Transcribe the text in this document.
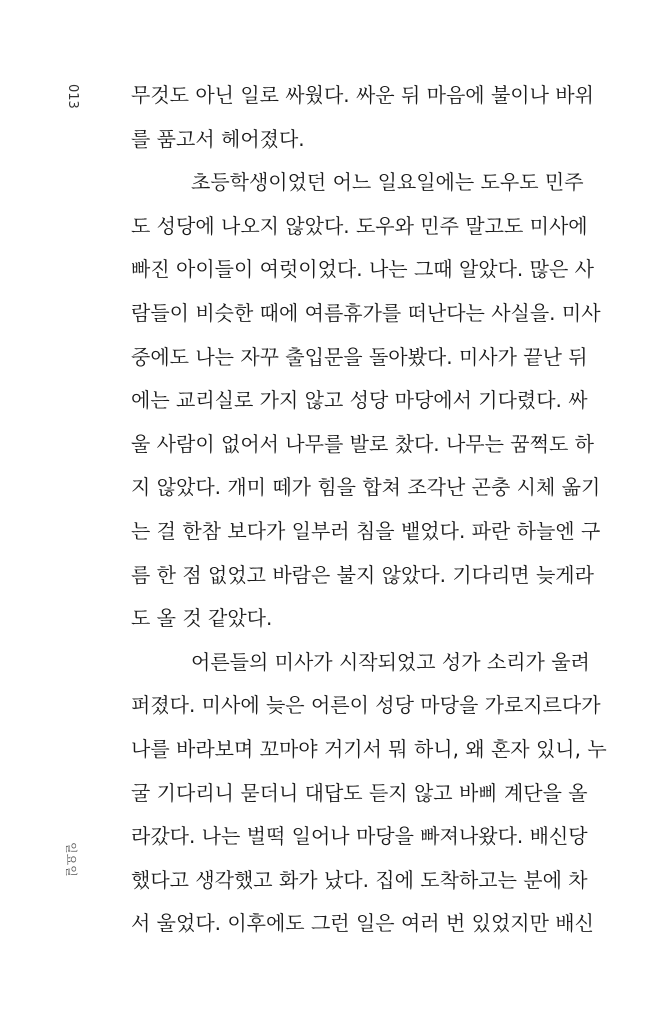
013
일요일
무것도 아닌 일로 싸웠다. 싸운 뒤 마음에 불이나 바위
를 품고서 헤어졌다.
초등학생이었던 어느 일요일에는 도우도 민주
도 성당에 나오지 않았다. 도우와 민주 말고도 미사에
빠진 아이들이 여럿이었다. 나는 그때 알았다. 많은 사
람들이 비슷한 때에 여름휴가를 떠난다는 사실을. 미사
중에도 나는 자꾸 출입문을 돌아봤다. 미사가 끝난 뒤
에는 교리실로 가지 않고 성당 마당에서 기다렸다. 싸
울 사람이 없어서 나무를 발로 찼다. 나무는 꿈쩍도 하
지 않았다. 개미 떼가 힘을 합쳐 조각난 곤충 시체 옮기
는 걸 한참 보다가 일부러 침을 뱉었다. 파란 하늘엔 구
름 한 점 없었고 바람은 불지 않았다. 기다리면 늦게라
도 올 것 같았다.
어른들의 미사가 시작되었고 성가 소리가 울려
퍼졌다. 미사에 늦은 어른이 성당 마당을 가로지르다가
나를 바라보며 꼬마야 거기서 뭐 하니, 왜 혼자 있니, 누
굴 기다리니 묻더니 대답도 듣지 않고 바삐 계단을 올
라갔다. 나는 벌떡 일어나 마당을 빠져나왔다. 배신당
했다고 생각했고 화가 났다. 집에 도착하고는 분에 차
서 울었다. 이후에도 그런 일은 여러 번 있었지만 배신
